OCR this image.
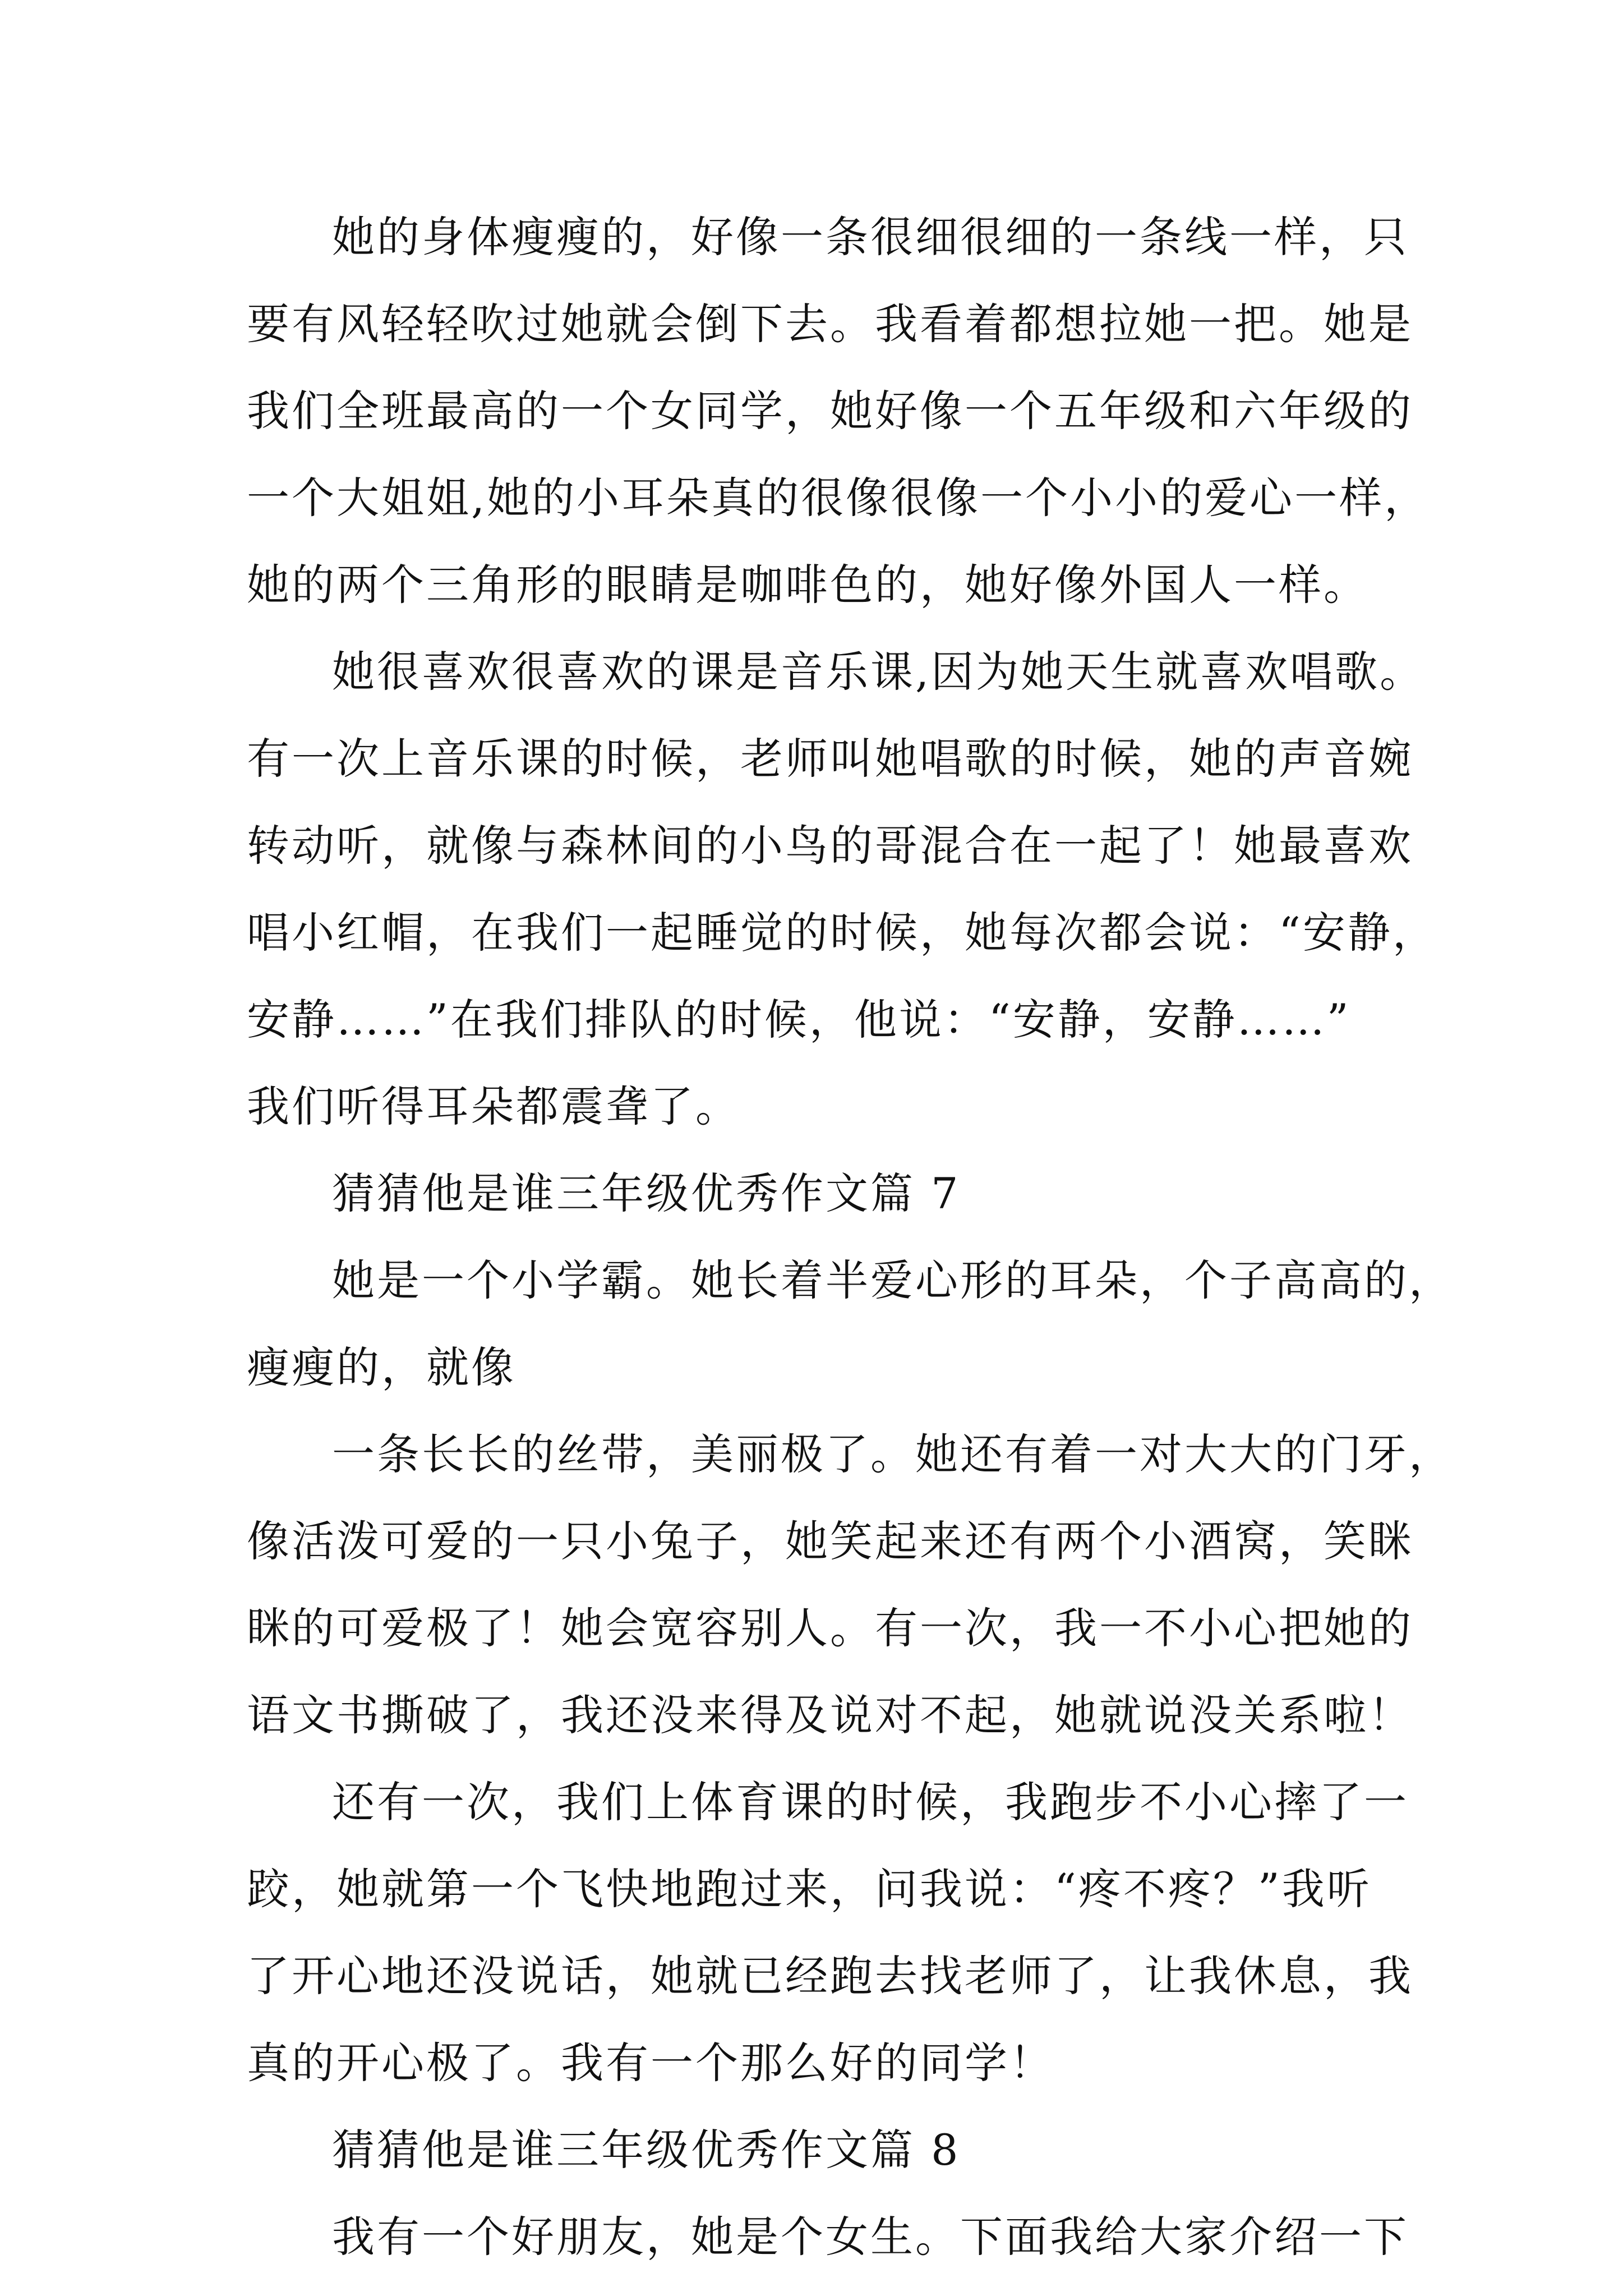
她的身体瘦瘦的，好像一条很细很细的一条线一样，只
要有风轻轻吹过她就会倒下去。我看着都想拉她一把。她是
我们全班最高的一个女同学，她好像一个五年级和六年级的
一个大姐姐,她的小耳朵真的很像很像一个小小的爱心一样，
她的两个三角形的眼睛是咖啡色的，她好像外国人一样。
她很喜欢很喜欢的课是音乐课,因为她天生就喜欢唱歌。
有一次上音乐课的时候，老师叫她唱歌的时候，她的声音婉
转动听，就像与森林间的小鸟的哥混合在一起了！她最喜欢
唱小红帽，在我们一起睡觉的时候，她每次都会说：“安静，
安静……”在我们排队的时候，他说：“安静，安静……”
我们听得耳朵都震聋了。
猜猜他是谁三年级优秀作文篇 7
她是一个小学霸。她长着半爱心形的耳朵，个子高高的，
瘦瘦的，就像
一条长长的丝带，美丽极了。她还有着一对大大的门牙，
像活泼可爱的一只小兔子，她笑起来还有两个小酒窝，笑眯
眯的可爱极了！她会宽容别人。有一次，我一不小心把她的
语文书撕破了，我还没来得及说对不起，她就说没关系啦！
还有一次，我们上体育课的时候，我跑步不小心摔了一
跤，她就第一个飞快地跑过来，问我说：“疼不疼？”我听
了开心地还没说话，她就已经跑去找老师了，让我休息，我
真的开心极了。我有一个那么好的同学！
猜猜他是谁三年级优秀作文篇 8
我有一个好朋友，她是个女生。下面我给大家介绍一下
